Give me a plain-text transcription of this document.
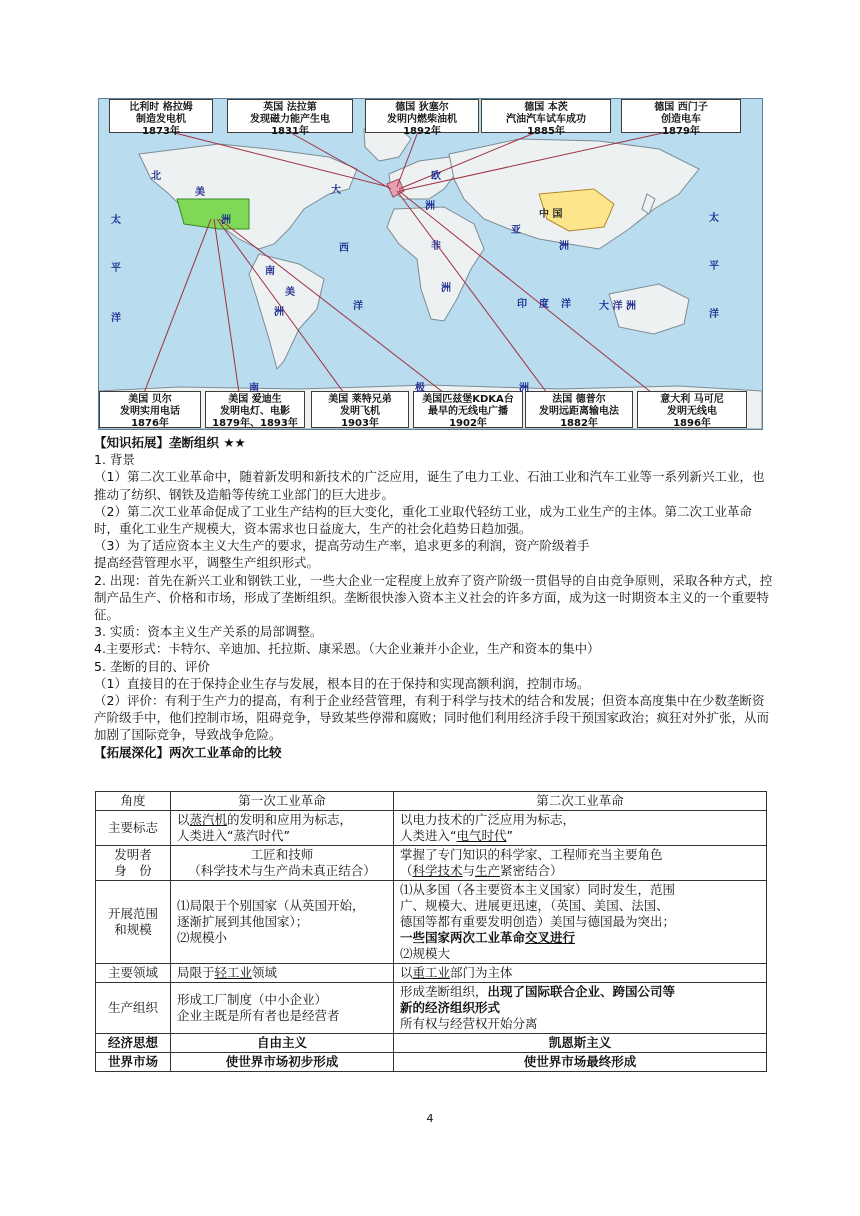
比利时 格拉姆
制造发电机
1873年
英国 法拉第
发现磁力能产生电
1831年
德国 狄塞尔
发明内燃柴油机
1892年
德国 本茨
汽油汽车试车成功
1885年
德国 西门子
创造电车
1879年
美国 贝尔
发明实用电话
1876年
美国 爱迪生
发明电灯、电影
1879年、1893年
美国 莱特兄弟
发明飞机
1903年
美国匹兹堡KDKA台
最早的无线电广播
1902年
法国 德普尔
发明远距离输电法
1882年
意大利 马可尼
发明无线电
1896年
北
美
洲
南
美
洲
欧
洲
亚
洲
非
洲
大
西
洋
太
平
洋
太
平
洋
印 度 洋	大 洋 洲
南	极	洲
中 国

【知识拓展】垄断组织 ★★

1. 背景

（1）第二次工业革命中，随着新发明和新技术的广泛应用，诞生了电力工业、石油工业和汽车工业等一系列新兴工业，也推动了纺织、钢铁及造船等传统工业部门的巨大进步。

（2）第二次工业革命促成了工业生产结构的巨大变化，重化工业取代轻纺工业，成为工业生产的主体。第二次工业革命时，重化工业生产规模大，资本需求也日益庞大，生产的社会化趋势日趋加强。

（3）为了适应资本主义大生产的要求，提高劳动生产率，追求更多的利润，资产阶级着手

提高经营管理水平，调整生产组织形式。

2. 出现：首先在新兴工业和钢铁工业，一些大企业一定程度上放弃了资产阶级一贯倡导的自由竞争原则，采取各种方式，控制产品生产、价格和市场，形成了垄断组织。垄断很快渗入资本主义社会的许多方面，成为这一时期资本主义的一个重要特征。

3. 实质：资本主义生产关系的局部调整。

4.主要形式：卡特尔、辛迪加、托拉斯、康采恩。（大企业兼并小企业，生产和资本的集中）

5. 垄断的目的、评价

（1）直接目的在于保持企业生存与发展，根本目的在于保持和实现高额利润，控制市场。

（2）评价：有利于生产力的提高，有利于企业经营管理，有利于科学与技术的结合和发展；但资本高度集中在少数垄断资产阶级手中，他们控制市场，阻碍竞争，导致某些停滞和腐败；同时他们利用经济手段干预国家政治；疯狂对外扩张，从而加剧了国际竞争，导致战争危险。

【拓展深化】两次工业革命的比较

角度	第一次工业革命	第二次工业革命
主要标志	以蒸汽机的发明和应用为标志，
人类进入“蒸汽时代”	以电力技术的广泛应用为标志，
人类进入“电气时代”
发明者
身　份	工匠和技师
（科学技术与生产尚未真正结合）	掌握了专门知识的科学家、工程师充当主要角色
（科学技术与生产紧密结合）
开展范围
和规模	⑴局限于个别国家（从英国开始，
逐渐扩展到其他国家）；
⑵规模小	⑴从多国（各主要资本主义国家）同时发生，范围
广、规模大、进展更迅速，（英国、美国、法国、
德国等都有重要发明创造）美国与德国最为突出；
一些国家两次工业革命交叉进行
⑵规模大
主要领域	局限于轻工业领域	以重工业部门为主体
生产组织	形成工厂制度（中小企业）
企业主既是所有者也是经营者	形成垄断组织，出现了国际联合企业、跨国公司等
新的经济组织形式
所有权与经营权开始分离
经济思想	自由主义	凯恩斯主义
世界市场	使世界市场初步形成	使世界市场最终形成
4
